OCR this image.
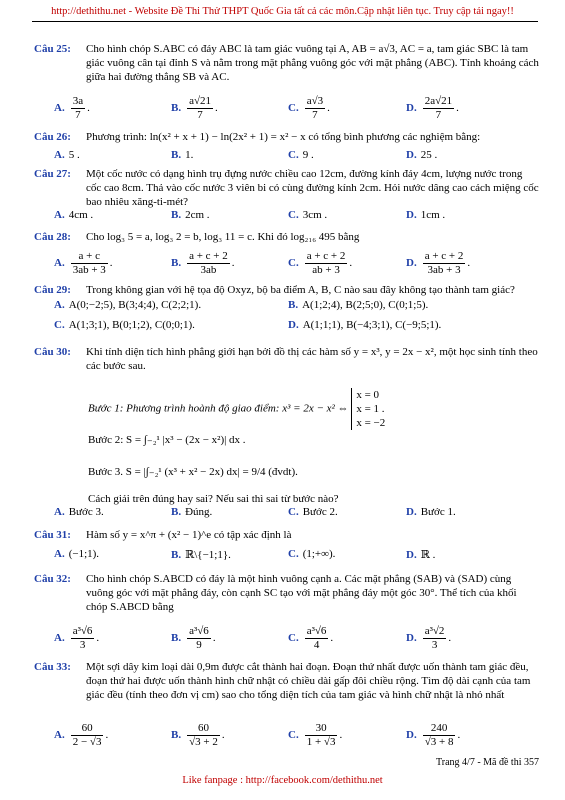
http://dethithu.net - Website Đề Thi Thử THPT Quốc Gia tất cả các môn.Cập nhật liên tục. Truy cập tải ngay!!
Câu 25: Cho hình chóp S.ABC có đáy ABC là tam giác vuông tại A, AB = a√3, AC = a, tam giác SBC là tam giác vuông cân tại đỉnh S và nằm trong mặt phẳng vuông góc với mặt phẳng (ABC). Tính khoảng cách giữa hai đường thẳng SB và AC.
A. $\frac{3a}{7}$ .	B. $\frac{a√21}{7}$ .	C. $\frac{a√3}{7}$ .	D. $\frac{2a√21}{7}$ .
Câu 26: Phương trình: ln(x² + x + 1) − ln(2x² + 1) = x² − x có tổng bình phương các nghiệm bằng:
A. 5 .	B. 1.	C. 9 .	D. 25 .
Câu 27: Một cốc nước có dạng hình trụ đựng nước chiều cao 12cm, đường kính đáy 4cm, lượng nước trong cốc cao 8cm. Thả vào cốc nước 3 viên bi có cùng đường kính 2cm. Hỏi nước dâng cao cách miệng cốc bao nhiêu xăng-ti-mét?
A. 4cm .	B. 2cm .	C. 3cm .	D. 1cm .
Câu 28: Cho log₃ 5 = a, log₃ 2 = b, log₃ 11 = c. Khi đó log₂₁₆ 495 bằng
A. $\frac{a + c}{3ab + 3}$ .	B. $\frac{a + c + 2}{3ab}$ .	C. $\frac{a + c + 2}{ab + 3}$ .	D. $\frac{a + c + 2}{3ab + 3}$ .
Câu 29: Trong không gian với hệ tọa độ Oxyz, bộ ba điểm A, B, C nào sau đây không tạo thành tam giác?
A. A(0;−2;5), B(3;4;4), C(2;2;1).	B. A(1;2;4), B(2;5;0), C(0;1;5).
C. A(1;3;1), B(0;1;2), C(0;0;1).	D. A(1;1;1), B(−4;3;1), C(−9;5;1).
Câu 30: Khi tính diện tích hình phẳng giới hạn bởi đồ thị các hàm số y = x³, y = 2x − x², một học sinh tính theo các bước sau.
Bước 1: Phương trình hoành độ giao điểm: x³ = 2x − x² ⇔
x = 0
x = 1 .
x = −2
Bước 2: S = ∫₋₂¹ |x³ − (2x − x²)| dx .
Bước 3. S = |∫₋₂¹ (x³ + x² − 2x) dx| = 9/4 (đvdt).
Cách giải trên đúng hay sai? Nếu sai thì sai từ bước nào?
A. Bước 3.	B. Đúng.	C. Bước 2.	D. Bước 1.
Câu 31: Hàm số y = x^π + (x² − 1)^e có tập xác định là
A. (−1;1).	B. ℝ\{−1;1}.	C. (1;+∞).	D. ℝ .
Câu 32: Cho hình chóp S.ABCD có đáy là một hình vuông cạnh a. Các mặt phẳng (SAB) và (SAD) cùng vuông góc với mặt phẳng đáy, còn cạnh SC tạo với mặt phẳng đáy một góc 30°. Thể tích của khối chóp S.ABCD bằng
A. $\frac{\text{a³√6}}{3}$ .	B. $\frac{\text{a³√6}}{9}$ .	C. $\frac{\text{a³√6}}{4}$ .	D. $\frac{\text{a³√2}}{3}$ .
Câu 33: Một sợi dây kim loại dài 0,9m được cắt thành hai đoạn. Đoạn thứ nhất được uốn thành tam giác đều, đoạn thứ hai được uốn thành hình chữ nhật có chiều dài gấp đôi chiều rộng. Tìm độ dài cạnh của tam giác đều (tính theo đơn vị cm) sao cho tổng diện tích của tam giác và hình chữ nhật là nhỏ nhất
A. $\frac{60}{2 - √3}$ .	B. $\frac{60}{√3 + 2}$ .	C. $\frac{30}{1 + √3}$ .	D. $\frac{240}{√3 + 8}$ .
Trang 4/7 - Mã đề thi 357
Like fanpage : http://facebook.com/dethithu.net
